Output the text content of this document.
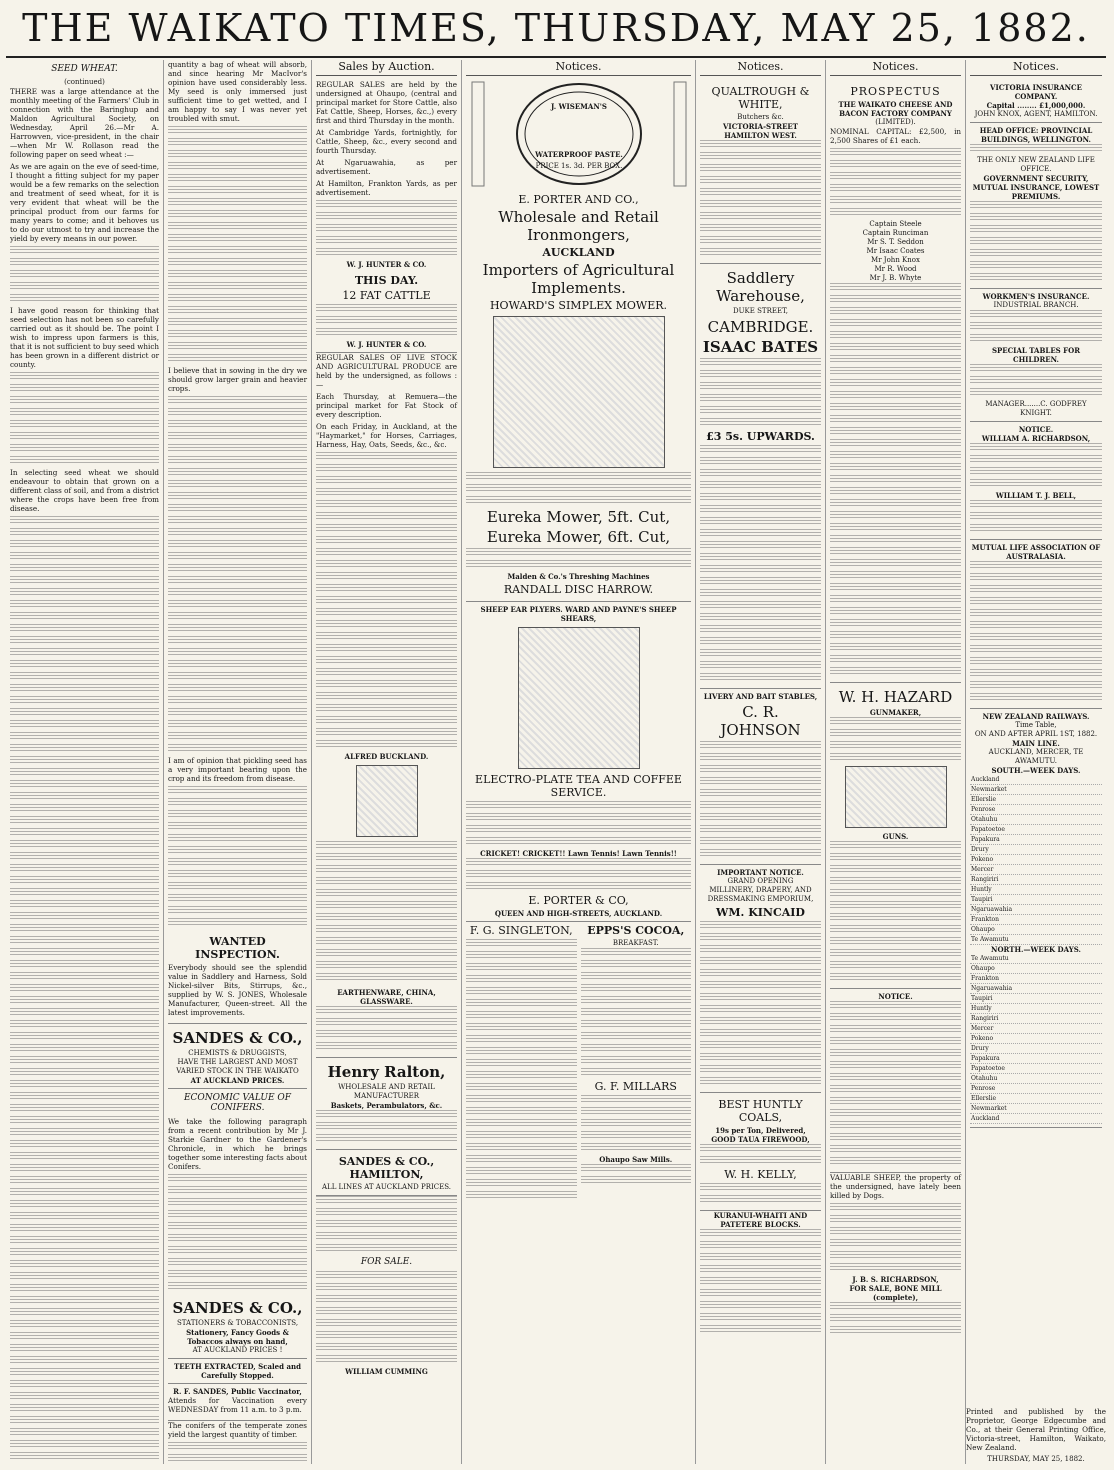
THE WAIKATO TIMES, THURSDAY, MAY 25, 1882.
SEED WHEAT.
(continued)

THERE was a large attendance at the monthly meeting of the Farmers' Club in connection with the Baringhup and Maldon Agricultural Society, on Wednesday, April 26.—Mr A. Harrowven, vice-president, in the chair—when Mr W. Rollason read the following paper on seed wheat :—

As we are again on the eve of seed-time, I thought a fitting subject for my paper would be a few remarks on the selection and treatment of seed wheat, for it is very evident that wheat will be the principal product from our farms for many years to come; and it behoves us to do our utmost to try and increase the yield by every means in our power.

I have good reason for thinking that seed selection has not been so carefully carried out as it should be. The point I wish to impress upon farmers is this, that it is not sufficient to buy seed which has been grown in a different district or county.

In selecting seed wheat we should endeavour to obtain that grown on a different class of soil, and from a district where the crops have been free from disease.

quantity a bag of wheat will absorb, and since hearing Mr MacIvor's opinion have used considerably less. My seed is only immersed just sufficient time to get wetted, and I am happy to say I was never yet troubled with smut.

I believe that in sowing in the dry we should grow larger grain and heavier crops.

I am of opinion that pickling seed has a very important bearing upon the crop and its freedom from disease.

WANTED INSPECTION.

Everybody should see the splendid value in Saddlery and Harness, Sold Nickel-silver Bits, Stirrups, &c., supplied by W. S. JONES, Wholesale Manufacturer, Queen-street. All the latest improvements.

SANDES & CO.,
CHEMISTS & DRUGGISTS,
HAVE THE LARGEST AND MOST VARIED STOCK IN THE WAIKATO
AT AUCKLAND PRICES.
ECONOMIC VALUE OF CONIFERS.

We take the following paragraph from a recent contribution by Mr J. Starkie Gardner to the Gardener's Chronicle, in which he brings together some interesting facts about Conifers.

SANDES & CO.,
STATIONERS & TOBACCONISTS,
Stationery, Fancy Goods & Tobaccos always on hand,
AT AUCKLAND PRICES !
TEETH EXTRACTED, Scaled and Carefully Stopped.
R. F. SANDES, Public Vaccinator,

Attends for Vaccination every WEDNESDAY from 11 a.m. to 3 p.m.

The conifers of the temperate zones yield the largest quantity of timber.

Sales by Auction.

REGULAR SALES are held by the undersigned at Ohaupo, (central and principal market for Store Cattle, also Fat Cattle, Sheep, Horses, &c.,) every first and third Thursday in the month.

At Cambridge Yards, fortnightly, for Cattle, Sheep, &c., every second and fourth Thursday.

At Ngaruawahia, as per advertisement.

At Hamilton, Frankton Yards, as per advertisement.

W. J. HUNTER & CO.
THIS DAY.
12 FAT CATTLE
W. J. HUNTER & CO.

REGULAR SALES OF LIVE STOCK AND AGRICULTURAL PRODUCE are held by the undersigned, as follows :—

Each Thursday, at Remuera—the principal market for Fat Stock of every description.

On each Friday, in Auckland, at the "Haymarket," for Horses, Carriages, Harness, Hay, Oats, Seeds, &c., &c.

ALFRED BUCKLAND.
EARTHENWARE, CHINA, GLASSWARE.
Henry Ralton,
WHOLESALE AND RETAIL MANUFACTURER
Baskets, Perambulators, &c.
SANDES & CO., HAMILTON,
ALL LINES AT AUCKLAND PRICES.
FOR SALE.
WILLIAM CUMMING
Notices.
J. WISEMAN'S
WATERPROOF PASTE.
PRICE 1s. 3d. PER BOX.
E. PORTER AND CO.,
Wholesale and Retail Ironmongers,
AUCKLAND
Importers of Agricultural Implements.
HOWARD'S SIMPLEX MOWER.
Eureka Mower, 5ft. Cut,
Eureka Mower, 6ft. Cut,
Malden & Co.'s Threshing Machines
RANDALL DISC HARROW.
SHEEP EAR PLYERS. WARD AND PAYNE'S SHEEP SHEARS,
ELECTRO-PLATE TEA AND COFFEE SERVICE.
CRICKET! CRICKET!! Lawn Tennis! Lawn Tennis!!
E. PORTER & CO,
QUEEN AND HIGH-STREETS, AUCKLAND.
F. G. SINGLETON,	EPPS'S COCOA,
BREAKFAST.
G. F. MILLARS
Ohaupo Saw Mills.
Notices.
QUALTROUGH & WHITE,
Butchers &c.
VICTORIA-STREET HAMILTON WEST.
Saddlery Warehouse,
DUKE STREET,
CAMBRIDGE.
ISAAC BATES
£3 5s. UPWARDS.
LIVERY AND BAIT STABLES,
C. R. JOHNSON
IMPORTANT NOTICE.
GRAND OPENING
MILLINERY, DRAPERY, AND DRESSMAKING EMPORIUM,
WM. KINCAID
BEST HUNTLY COALS,
19s per Ton, Delivered,
GOOD TAUA FIREWOOD,
W. H. KELLY,
KURANUI-WHAITI AND PATETERE BLOCKS.
Notices.
PROSPECTUS
THE WAIKATO CHEESE AND BACON FACTORY COMPANY
(LIMITED).

NOMINAL CAPITAL: £2,500, in 2,500 Shares of £1 each.

Captain Steele
Captain Runciman
Mr S. T. Seddon
Mr Isaac Coates
Mr John Knox
Mr R. Wood
Mr J. B. Whyte
W. H. HAZARD
GUNMAKER,
GUNS.
NOTICE.

VALUABLE SHEEP, the property of the undersigned, have lately been killed by Dogs.

J. B. S. RICHARDSON,
FOR SALE, BONE MILL (complete),
Notices.
VICTORIA INSURANCE COMPANY.
Capital ........ £1,000,000.
JOHN KNOX, AGENT, HAMILTON.
HEAD OFFICE: PROVINCIAL BUILDINGS, WELLINGTON.
THE ONLY NEW ZEALAND LIFE OFFICE.
GOVERNMENT SECURITY, MUTUAL INSURANCE, LOWEST PREMIUMS.
WORKMEN'S INSURANCE.
INDUSTRIAL BRANCH.
SPECIAL TABLES FOR CHILDREN.
MANAGER.......C. GODFREY KNIGHT.
NOTICE.
WILLIAM A. RICHARDSON,
WILLIAM T. J. BELL,
MUTUAL LIFE ASSOCIATION OF AUSTRALASIA.
NEW ZEALAND RAILWAYS.
Time Table,
ON AND AFTER APRIL 1ST, 1882.
MAIN LINE.
AUCKLAND, MERCER, TE AWAMUTU.
SOUTH.—WEEK DAYS.
Auckland
Newmarket
Ellerslie
Penrose
Otahuhu
Papatoetoe
Papakura
Drury
Pokeno
Mercer
Rangiriri
Huntly
Taupiri
Ngaruawahia
Frankton
Ohaupo
Te Awamutu
NORTH.—WEEK DAYS.
Te Awamutu
Ohaupo
Frankton
Ngaruawahia
Taupiri
Huntly
Rangiriri
Mercer
Pokeno
Drury
Papakura
Papatoetoe
Otahuhu
Penrose
Ellerslie
Newmarket
Auckland

Printed and published by the Proprietor, George Edgecumbe and Co., at their General Printing Office, Victoria-street, Hamilton, Waikato, New Zealand.

THURSDAY, MAY 25, 1882.
